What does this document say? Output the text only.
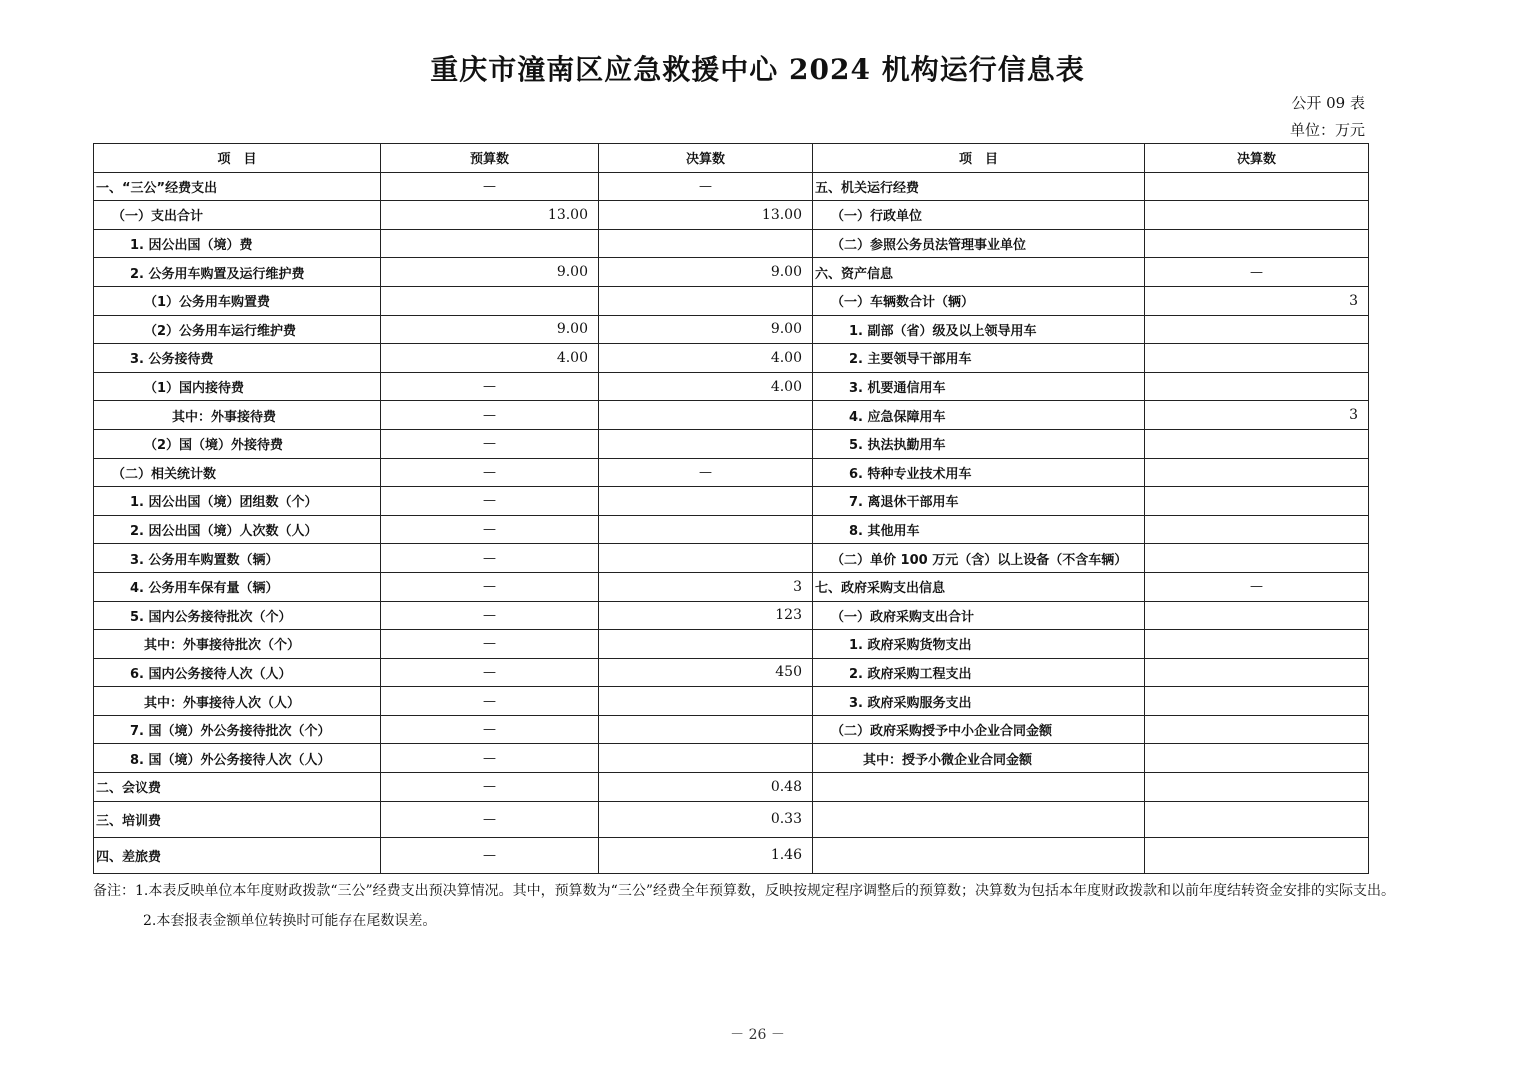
重庆市潼南区应急救援中心 2024 机构运行信息表
公开 09 表
单位：万元
项　目	预算数	决算数	项　目	决算数
一、“三公”经费支出	—	—	五、机关运行经费	
（一）支出合计	13.00	13.00	（一）行政单位	
1. 因公出国（境）费			（二）参照公务员法管理事业单位	
2. 公务用车购置及运行维护费	9.00	9.00	六、资产信息	—
（1）公务用车购置费			（一）车辆数合计（辆）	3
（2）公务用车运行维护费	9.00	9.00	1. 副部（省）级及以上领导用车	
3. 公务接待费	4.00	4.00	2. 主要领导干部用车	
（1）国内接待费	—	4.00	3. 机要通信用车	
其中：外事接待费	—		4. 应急保障用车	3
（2）国（境）外接待费	—		5. 执法执勤用车	
（二）相关统计数	—	—	6. 特种专业技术用车	
1. 因公出国（境）团组数（个）	—		7. 离退休干部用车	
2. 因公出国（境）人次数（人）	—		8. 其他用车	
3. 公务用车购置数（辆）	—		（二）单价 100 万元（含）以上设备（不含车辆）	
4. 公务用车保有量（辆）	—	3	七、政府采购支出信息	—
5. 国内公务接待批次（个）	—	123	（一）政府采购支出合计	
其中：外事接待批次（个）	—		1. 政府采购货物支出	
6. 国内公务接待人次（人）	—	450	2. 政府采购工程支出	
其中：外事接待人次（人）	—		3. 政府采购服务支出	
7. 国（境）外公务接待批次（个）	—		（二）政府采购授予中小企业合同金额	
8. 国（境）外公务接待人次（人）	—		其中：授予小微企业合同金额	
二、会议费	—	0.48		
三、培训费	—	0.33		
四、差旅费	—	1.46		

备注：1.本表反映单位本年度财政拨款“三公”经费支出预决算情况。其中，预算数为“三公”经费全年预算数，反映按规定程序调整后的预算数；决算数为包括本年度财政拨款和以前年度结转资金安排的实际支出。

2.本套报表金额单位转换时可能存在尾数误差。

－ 26 －
